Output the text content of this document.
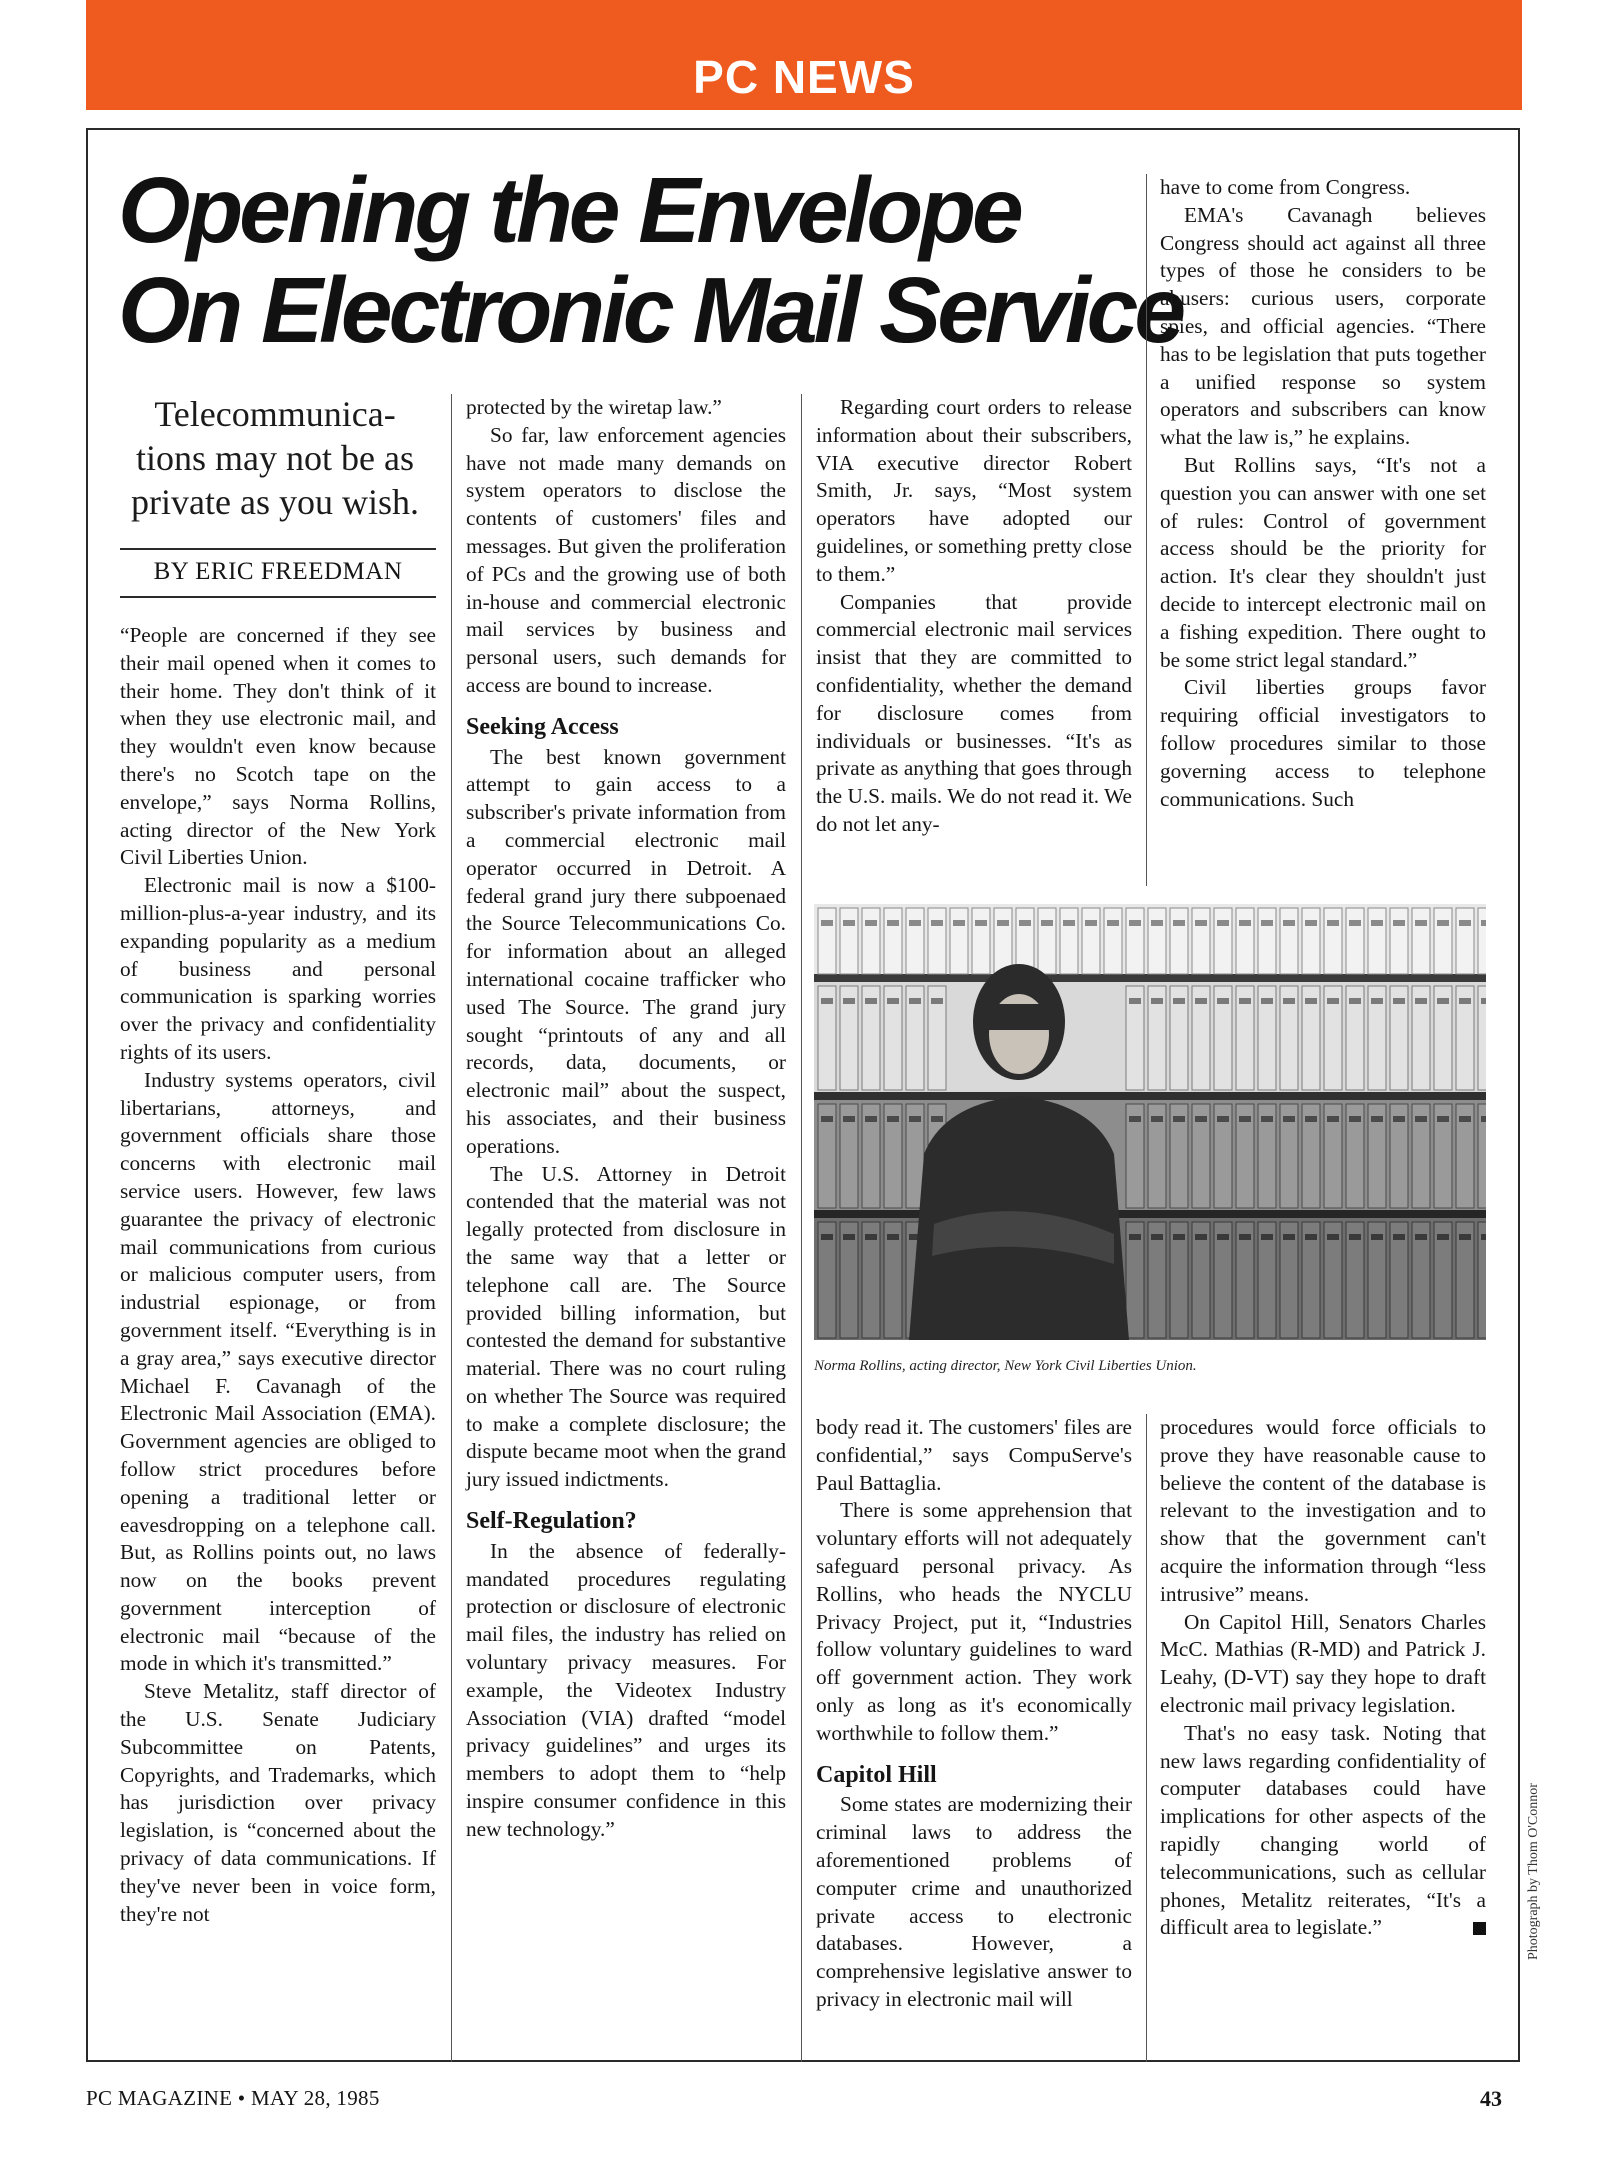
PC NEWS
Opening the Envelope
On Electronic Mail Service
Telecommunica-tions may not be as private as you wish.
BY ERIC FREEDMAN

“People are concerned if they see their mail opened when it comes to their home. They don't think of it when they use electronic mail, and they wouldn't even know because there's no Scotch tape on the envelope,” says Norma Rollins, acting director of the New York Civil Liberties Union.

Electronic mail is now a $100-million-plus-a-year industry, and its expanding popularity as a medium of business and personal communication is sparking worries over the privacy and confidentiality rights of its users.

Industry systems operators, civil libertarians, attorneys, and government officials share those concerns with electronic mail service users. However, few laws guarantee the privacy of electronic mail communications from curious or malicious computer users, from industrial espionage, or from government itself. “Everything is in a gray area,” says executive director Michael F. Cavanagh of the Electronic Mail Association (EMA). Government agencies are obliged to follow strict procedures before opening a traditional letter or eavesdropping on a telephone call. But, as Rollins points out, no laws now on the books prevent government interception of electronic mail “because of the mode in which it's transmitted.”

Steve Metalitz, staff director of the U.S. Senate Judiciary Subcommittee on Patents, Copyrights, and Trademarks, which has jurisdiction over privacy legislation, is “concerned about the privacy of data communications. If they've never been in voice form, they're not

protected by the wiretap law.”

So far, law enforcement agencies have not made many demands on system operators to disclose the contents of customers' files and messages. But given the proliferation of PCs and the growing use of both in-house and commercial electronic mail services by business and personal users, such demands for access are bound to increase.

Seeking Access

The best known government attempt to gain access to a subscriber's private information from a commercial electronic mail operator occurred in Detroit. A federal grand jury there subpoenaed the Source Telecommunications Co. for information about an alleged international cocaine trafficker who used The Source. The grand jury sought “printouts of any and all records, data, documents, or electronic mail” about the suspect, his associates, and their business operations.

The U.S. Attorney in Detroit contended that the material was not legally protected from disclosure in the same way that a letter or telephone call are. The Source provided billing information, but contested the demand for substantive material. There was no court ruling on whether The Source was required to make a complete disclosure; the dispute became moot when the grand jury issued indictments.

Self-Regulation?

In the absence of federally-mandated procedures regulating protection or disclosure of electronic mail files, the industry has relied on voluntary privacy measures. For example, the Videotex Industry Association (VIA) drafted “model privacy guidelines” and urges its members to adopt them to “help inspire consumer confidence in this new technology.”

Regarding court orders to release information about their subscribers, VIA executive director Robert Smith, Jr. says, “Most system operators have adopted our guidelines, or something pretty close to them.”

Companies that provide commercial electronic mail services insist that they are committed to confidentiality, whether the demand for disclosure comes from individuals or businesses. “It's as private as anything that goes through the U.S. mails. We do not read it. We do not let any-

have to come from Congress.

EMA's Cavanagh believes Congress should act against all three types of those he considers to be abusers: curious users, corporate spies, and official agencies. “There has to be legislation that puts together a unified response so system operators and subscribers can know what the law is,” he explains.

But Rollins says, “It's not a question you can answer with one set of rules: Control of government access should be the priority for action. It's clear they shouldn't just decide to intercept electronic mail on a fishing expedition. There ought to be some strict legal standard.”

Civil liberties groups favor requiring official investigators to follow procedures similar to those governing access to telephone communications. Such

Norma Rollins, acting director, New York Civil Liberties Union.

body read it. The customers' files are confidential,” says CompuServe's Paul Battaglia.

There is some apprehension that voluntary efforts will not adequately safeguard personal privacy. As Rollins, who heads the NYCLU Privacy Project, put it, “Industries follow voluntary guidelines to ward off government action. They work only as long as it's economically worthwhile to follow them.”

Capitol Hill

Some states are modernizing their criminal laws to address the aforementioned problems of computer crime and unauthorized private access to electronic databases. However, a comprehensive legislative answer to privacy in electronic mail will

procedures would force officials to prove they have reasonable cause to believe the content of the database is relevant to the investigation and to show that the government can't acquire the information through “less intrusive” means.

On Capitol Hill, Senators Charles McC. Mathias (R-MD) and Patrick J. Leahy, (D-VT) say they hope to draft electronic mail privacy legislation.

That's no easy task. Noting that new laws regarding confidentiality of computer databases could have implications for other aspects of the rapidly changing world of telecommunications, such as cellular phones, Metalitz reiterates, “It's a difficult area to legislate.”	Photograph by Thom O'Connor
PC MAGAZINE • MAY 28, 1985	43
